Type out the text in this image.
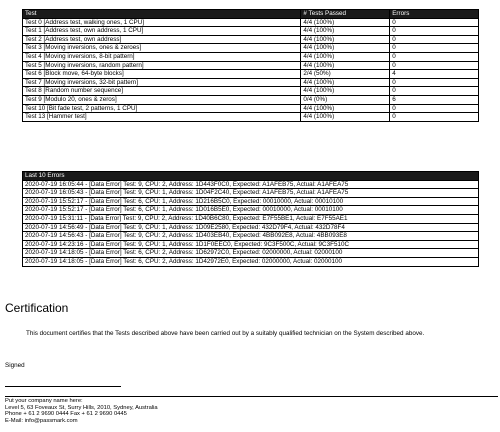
Test	# Tests Passed	Errors
Test 0 [Address test, walking ones, 1 CPU]	4/4 (100%)	0
Test 1 [Address test, own address, 1 CPU]	4/4 (100%)	0
Test 2 [Address test, own address]	4/4 (100%)	0
Test 3 [Moving inversions, ones & zeroes]	4/4 (100%)	0
Test 4 [Moving inversions, 8-bit pattern]	4/4 (100%)	0
Test 5 [Moving inversions, random pattern]	4/4 (100%)	0
Test 6 [Block move, 64-byte blocks]	2/4 (50%)	4
Test 7 [Moving inversions, 32-bit pattern]	4/4 (100%)	0
Test 8 [Random number sequence]	4/4 (100%)	0
Test 9 [Modulo 20, ones & zeros]	0/4 (0%)	6
Test 10 [Bit fade test, 2 patterns, 1 CPU]	4/4 (100%)	0
Test 13 [Hammer test]	4/4 (100%)	0
Last 10 Errors
2020-07-19 16:05:44 - [Data Error] Test: 9, CPU: 2, Address: 1D443F0C0, Expected: A1AFEB75, Actual: A1AFEA75
2020-07-19 16:05:43 - [Data Error] Test: 9, CPU: 1, Address: 1D04F2C40, Expected: A1AFEB75, Actual: A1AFEA75
2020-07-19 15:52:17 - [Data Error] Test: 6, CPU: 1, Address: 1D216B5C0, Expected: 00010000, Actual: 00010100
2020-07-19 15:52:17 - [Data Error] Test: 6, CPU: 1, Address: 1D016B5E0, Expected: 00010000, Actual: 00010100
2020-07-19 15:31:11 - [Data Error] Test: 9, CPU: 2, Address: 1D40B6C80, Expected: E7F55BE1, Actual: E7F55AE1
2020-07-19 14:56:49 - [Data Error] Test: 9, CPU: 1, Address: 1D09E2580, Expected: 432D79F4, Actual: 432D78F4
2020-07-19 14:56:43 - [Data Error] Test: 9, CPU: 2, Address: 1D403EB40, Expected: 4BB092E8, Actual: 4BB093E8
2020-07-19 14:23:16 - [Data Error] Test: 9, CPU: 1, Address: 1D1F0EEC0, Expected: 9C3F500C, Actual: 9C3F510C
2020-07-19 14:18:05 - [Data Error] Test: 6, CPU: 2, Address: 1D62972C0, Expected: 02000000, Actual: 02000100
2020-07-19 14:18:05 - [Data Error] Test: 6, CPU: 2, Address: 1D42972E0, Expected: 02000000, Actual: 02000100
Certification

This document certifies that the Tests described above have been carried out by a suitably qualified technician on the System described above.

Signed
Put your company name here:
Level 5, 63 Foveaux St, Surry Hills, 2010, Sydney, Australia
Phone + 61 2 9690 0444 Fax + 61 2 9690 0445
E-Mail: info@passmark.com
